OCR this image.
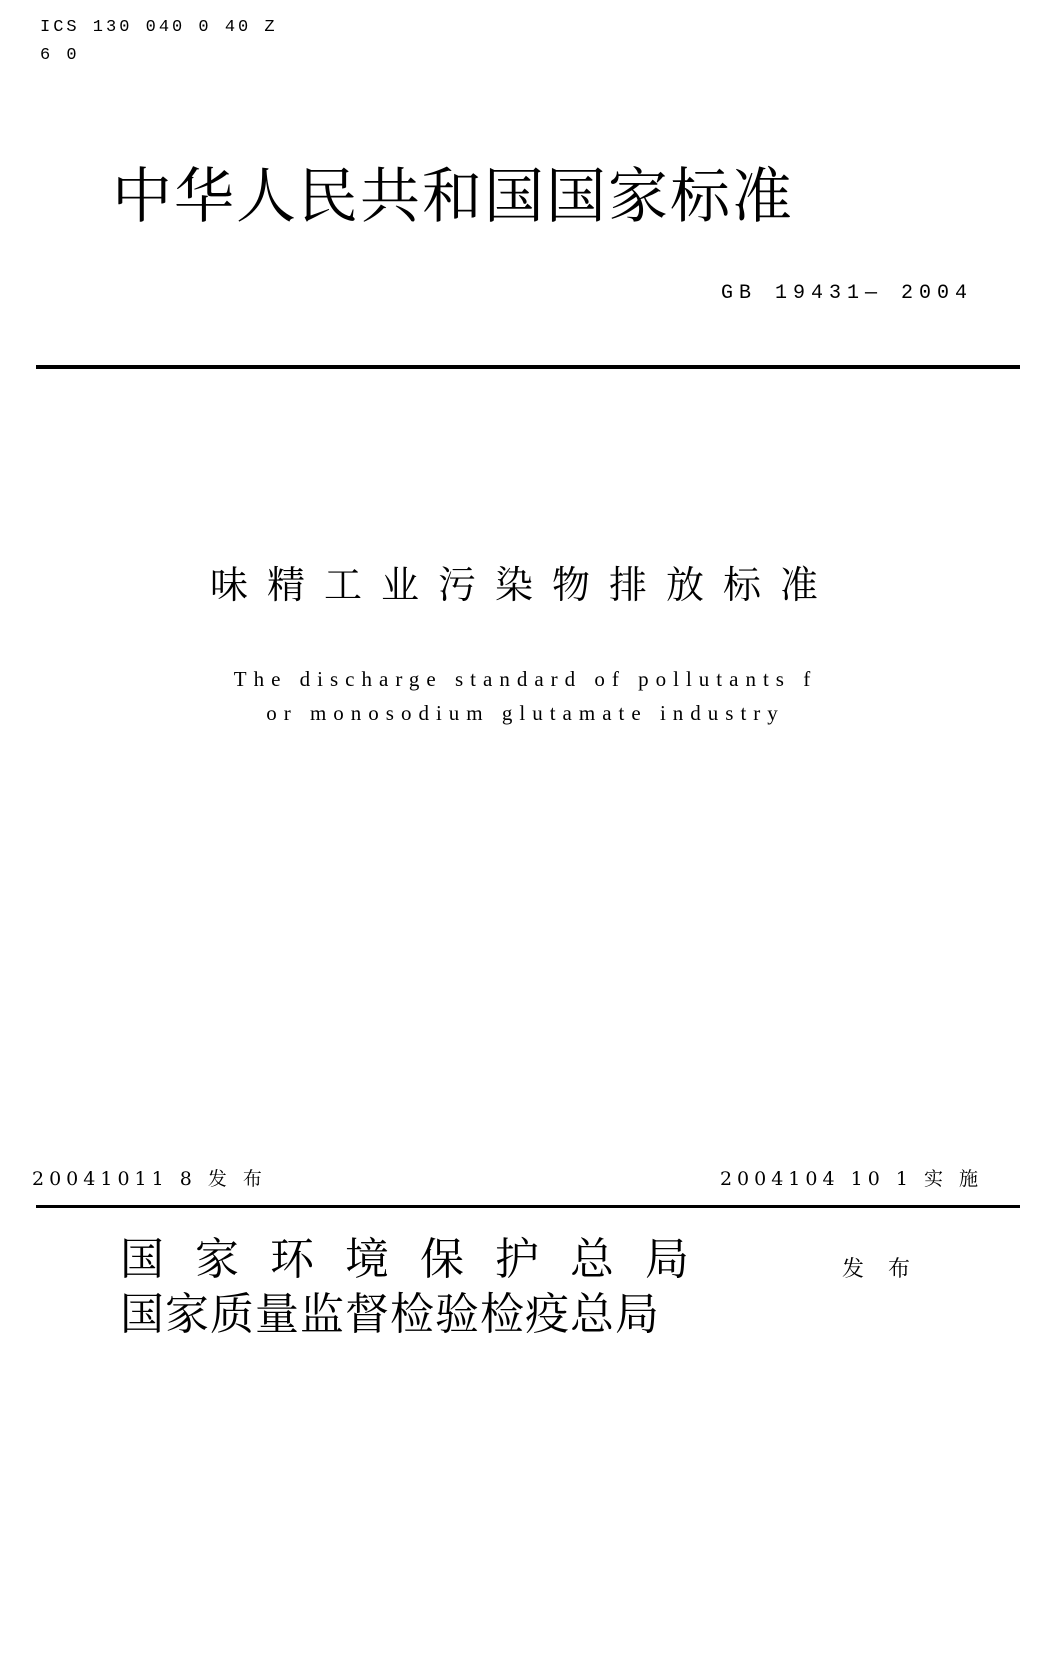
ICS 130 040 0 40 Z
6 0
中华人民共和国国家标准
GB 19431— 2004
味精工业污染物排放标准
The discharge standard of pollutants f
or monosodium glutamate industry
20041011 8 发 布	2004104 10 1 实 施
国家环境保护总局	发布
国家质量监督检验检疫总局
